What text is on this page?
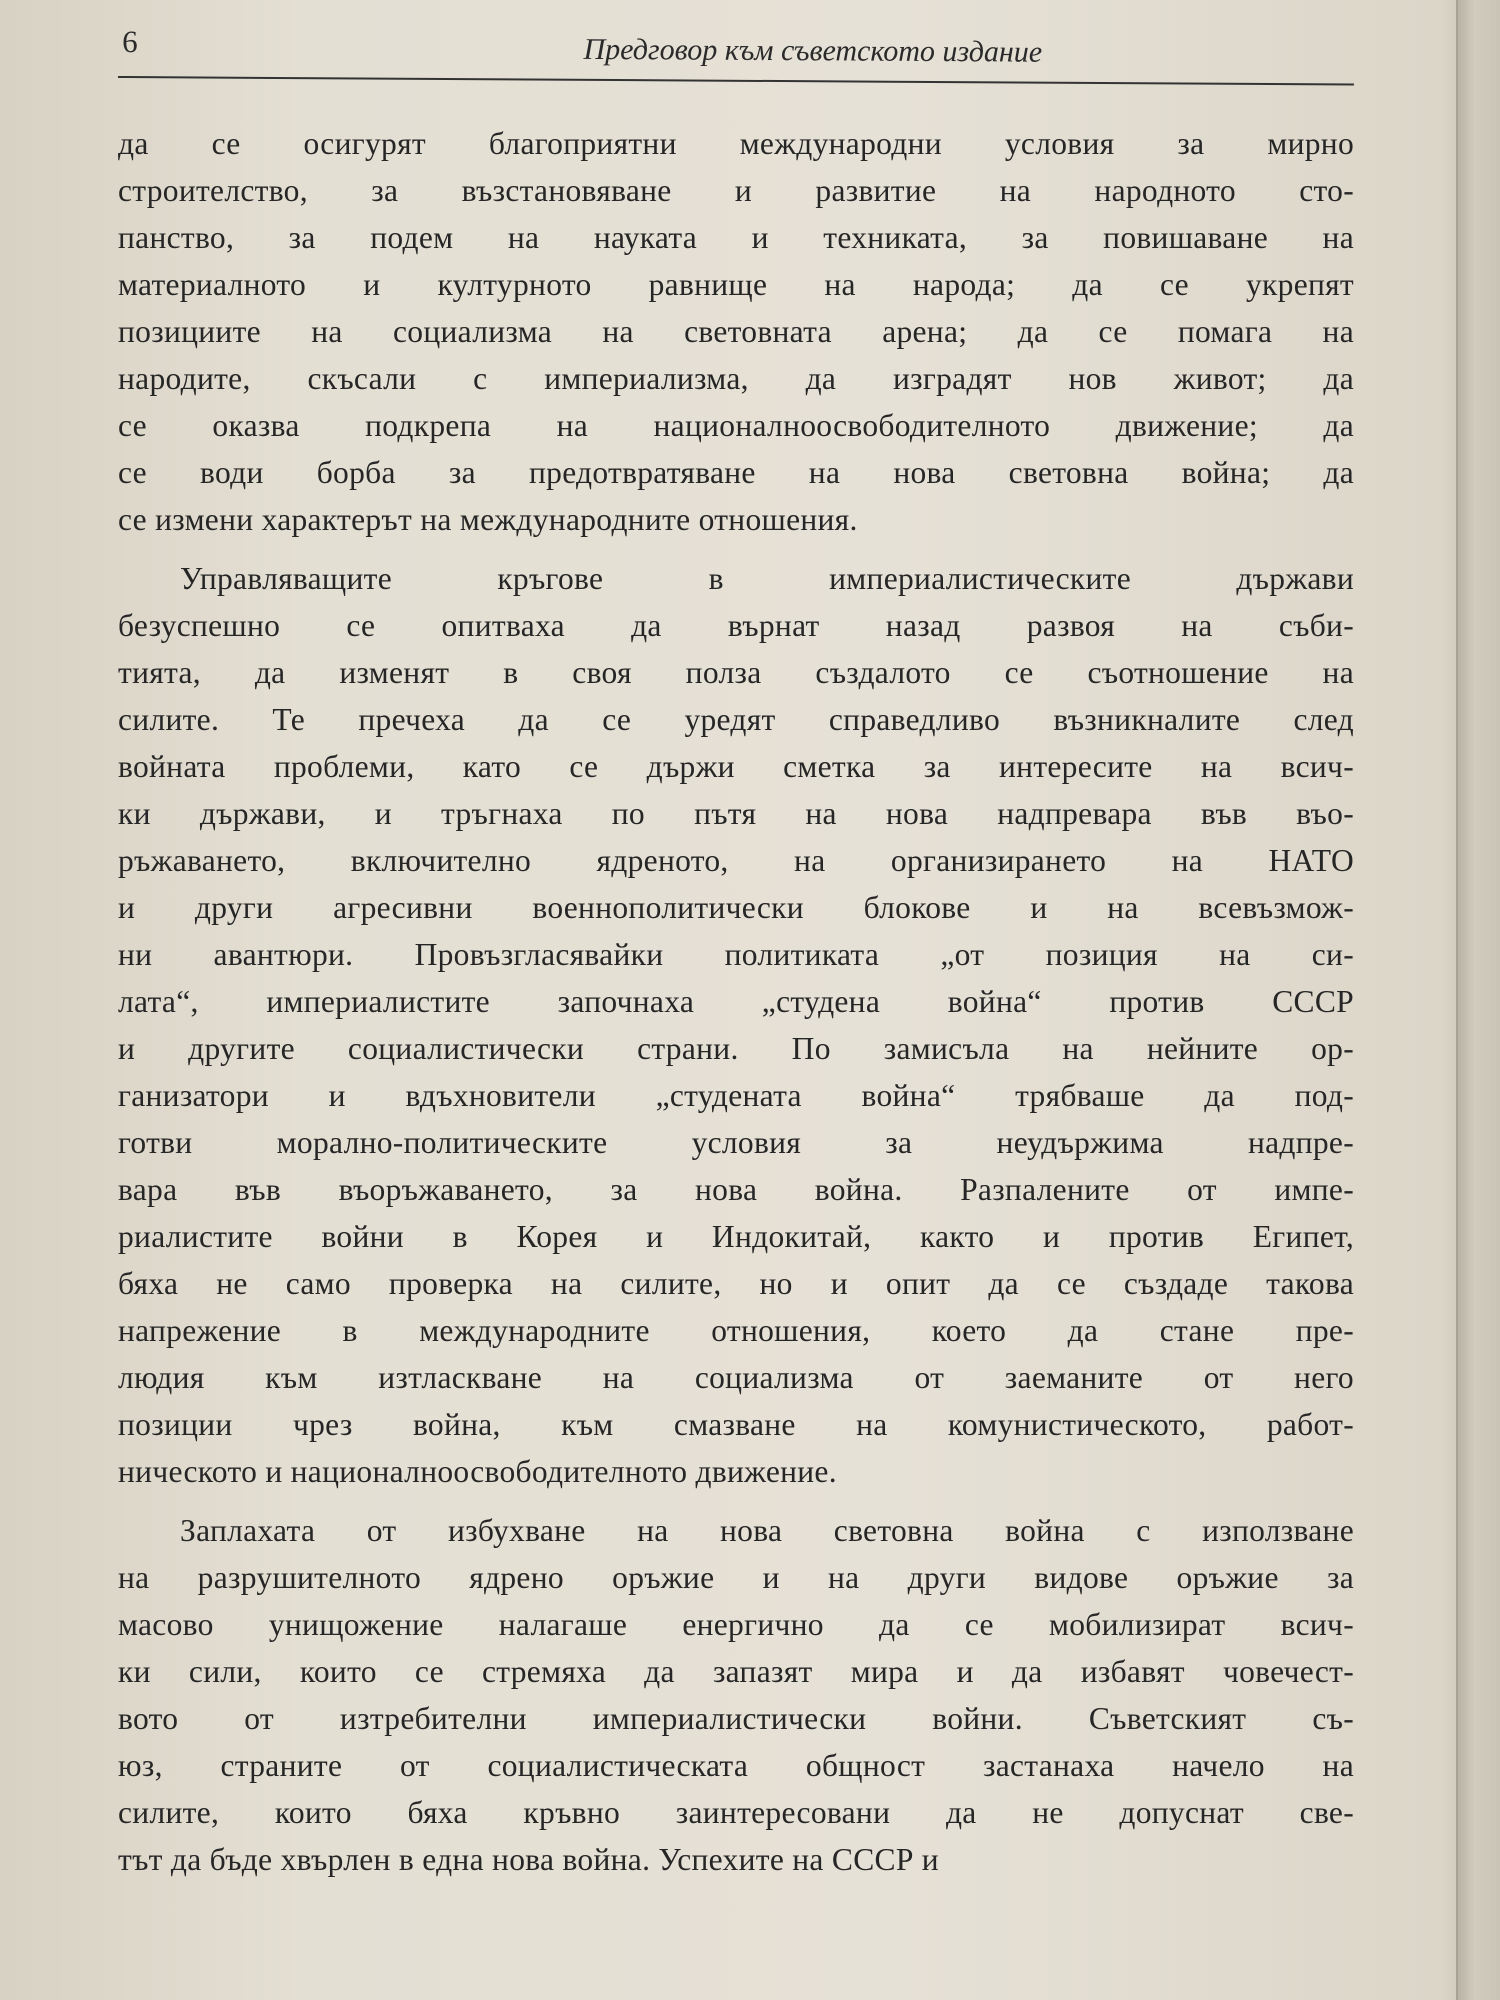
6	Предговор към съветското издание
да се осигурят благоприятни международни условия за мирно
строителство, за възстановяване и развитие на народното сто-
панство, за подем на науката и техниката, за повишаване на
материалното и културното равнище на народа; да се укрепят
позициите на социализма на световната арена; да се помага на
народите, скъсали с империализма, да изградят нов живот; да
се оказва подкрепа на националноосвободителното движение; да
се води борба за предотвратяване на нова световна война; да
се измени характерът на международните отношения.
Управляващите кръгове в империалистическите държави
безуспешно се опитваха да върнат назад развоя на съби-
тията, да изменят в своя полза създалото се съотношение на
силите. Те пречеха да се уредят справедливо възникналите след
войната проблеми, като се държи сметка за интересите на всич-
ки държави, и тръгнаха по пътя на нова надпревара във въо-
ръжаването, включително ядреното, на организирането на НАТО
и други агресивни военнополитически блокове и на всевъзмож-
ни авантюри. Провъзгласявайки политиката „от позиция на си-
лата“, империалистите започнаха „студена война“ против СССР
и другите социалистически страни. По замисъла на нейните ор-
ганизатори и вдъхновители „студената война“ трябваше да под-
готви морално-политическите условия за неудържима надпре-
вара във въоръжаването, за нова война. Разпалените от импе-
риалистите войни в Корея и Индокитай, както и против Египет,
бяха не само проверка на силите, но и опит да се създаде такова
напрежение в международните отношения, което да стане пре-
людия към изтласкване на социализма от заеманите от него
позиции чрез война, към смазване на комунистическото, работ-
ническото и националноосвободителното движение.
Заплахата от избухване на нова световна война с използване
на разрушителното ядрено оръжие и на други видове оръжие за
масово унищожение налагаше енергично да се мобилизират всич-
ки сили, които се стремяха да запазят мира и да избавят човечест-
вото от изтребителни империалистически войни. Съветският съ-
юз, страните от социалистическата общност застанаха начело на
силите, които бяха кръвно заинтересовани да не допуснат све-
тът да бъде хвърлен в една нова война. Успехите на СССР и
